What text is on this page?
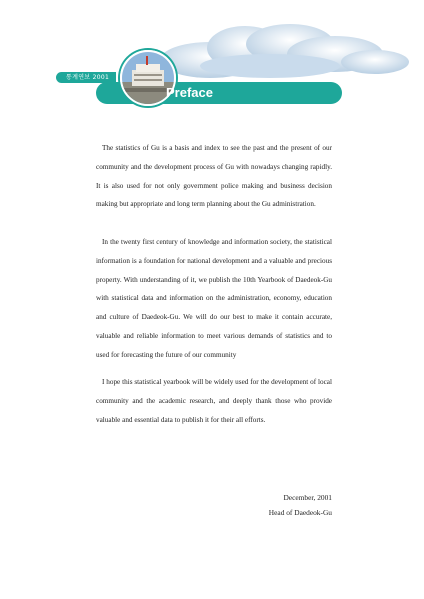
통계연보 2001
Preface

The statistics of Gu is a basis and index to see the past and the present of our community and the development process of Gu with nowadays changing rapidly. It is also used for not only government police making and business decision making but appropriate and long term planning about the Gu administration.

In the twenty first century of knowledge and information society, the statistical information is a foundation for national development and a valuable and precious property. With understanding of it, we publish the 10th Yearbook of Daedeok-Gu with statistical data and information on the administration, economy, education and culture of Daedeok-Gu. We will do our best to make it contain accurate, valuable and reliable information to meet various demands of statistics and to used for forecasting the future of our community

I hope this statistical yearbook will be widely used for the development of local community and the academic research, and deeply thank those who provide valuable and essential data to publish it for their all efforts.

December, 2001
Head of Daedeok-Gu
